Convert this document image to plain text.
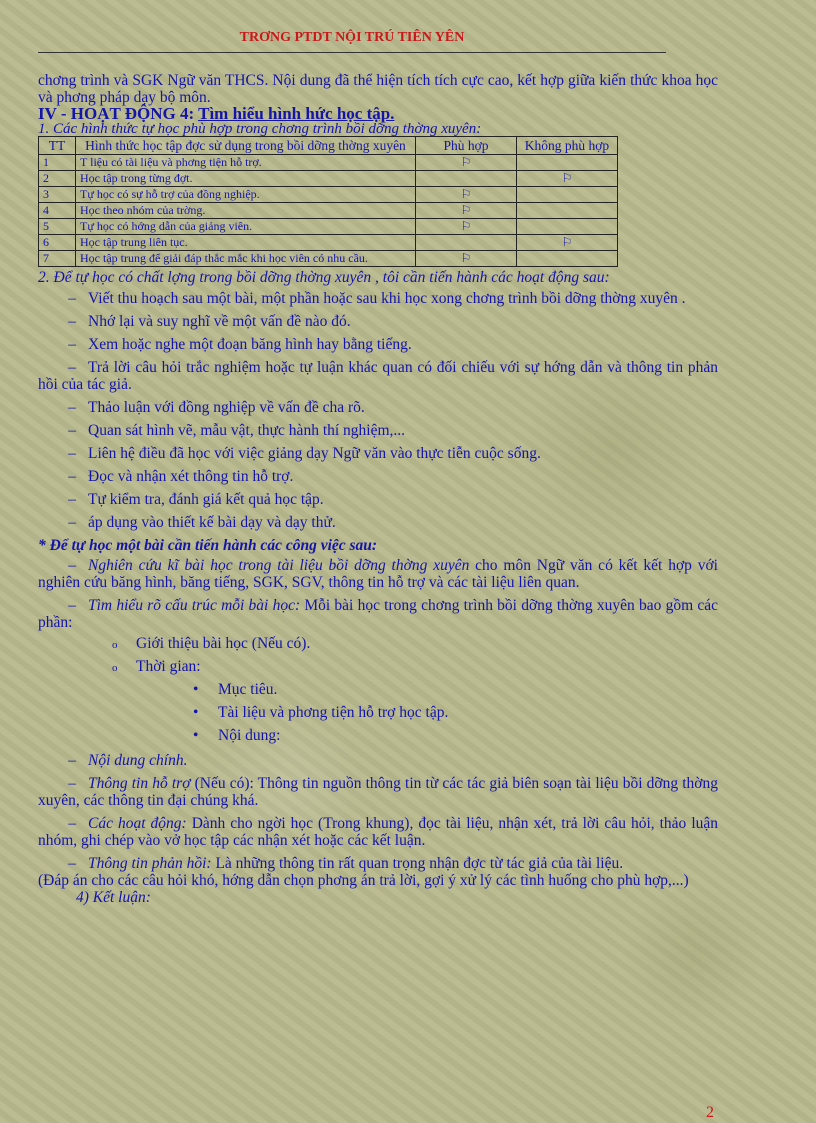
TRƠNG PTDT NỘI TRÚ TIÊN YÊN

chơng trình và SGK Ngữ văn THCS. Nội dung đã thể hiện tích tích cực cao, kết hợp giữa kiến thức khoa học và phơng pháp dạy bộ môn.

IV - HOẠT ĐỘNG 4: Tìm hiểu hình hức học tập.

1. Các hình thức tự học phù hợp trong chơng trình bồi dỡng thờng xuyên:

TT	Hình thức học tập đợc sử dụng trong bồi dỡng thờng xuyên	Phù hợp	Không phù hợp
1	T liệu có tài liệu và phơng tiện hỗ trợ.	⚐	
2	Học tập trong từng đợt.		⚐
3	Tự học có sự hỗ trợ của đồng nghiệp.	⚐	
4	Học theo nhóm của trờng.	⚐	
5	Tự học có hớng dẫn của giảng viên.	⚐	
6	Học tập trung liên tục.		⚐
7	Học tập trung để giải đáp thắc mắc khi học viên có nhu cầu.	⚐	

2. Để tự học có chất lợng trong bồi dỡng thờng xuyên , tôi cần tiến hành các hoạt động sau:

– Viết thu hoạch sau một bài, một phần hoặc sau khi học xong chơng trình bồi dỡng thờng xuyên .

– Nhớ lại và suy nghĩ về một vấn đề nào đó.

– Xem hoặc nghe một đoạn băng hình hay bằng tiếng.

– Trả lời câu hỏi trắc nghiệm hoặc tự luận khác quan có đối chiếu với sự hớng dẫn và thông tin phản hồi của tác giả.

– Thảo luận với đồng nghiệp về vấn đề cha rõ.

– Quan sát hình vẽ, mẫu vật, thực hành thí nghiệm,...

– Liên hệ điều đã học với việc giảng dạy Ngữ văn vào thực tiễn cuộc sống.

– Đọc và nhận xét thông tin hỗ trợ.

– Tự kiểm tra, đánh giá kết quả học tập.

– áp dụng vào thiết kế bài dạy và dạy thử.

* Để tự học một bài cần tiến hành các công việc sau:

– Nghiên cứu kĩ bài học trong tài liệu bồi dỡng thờng xuyên cho môn Ngữ văn có kết kết hợp với nghiên cứu băng hình, băng tiếng, SGK, SGV, thông tin hỗ trợ và các tài liệu liên quan.

– Tìm hiểu rõ cấu trúc mỗi bài học: Mỗi bài học trong chơng trình bồi dỡng thờng xuyên bao gồm các phần:

o Giới thiệu bài học (Nếu có).

o Thời gian:

• Mục tiêu.

• Tài liệu và phơng tiện hỗ trợ học tập.

• Nội dung:

– Nội dung chính.

– Thông tin hỗ trợ (Nếu có): Thông tin nguồn thông tin từ các tác giả biên soạn tài liệu bồi dỡng thờng xuyên, các thông tin đại chúng khá.

– Các hoạt động: Dành cho ngời học (Trong khung), đọc tài liệu, nhận xét, trả lời câu hỏi, thảo luận nhóm, ghi chép vào vở học tập các nhận xét hoặc các kết luận.

– Thông tin phản hồi: Là những thông tin rất quan trọng nhận đợc từ tác giả của tài liệu.

(Đáp án cho các câu hỏi khó, hớng dẫn chọn phơng án trả lời, gợi ý xử lý các tình huống cho phù hợp,...)

4) Kết luận:

2
